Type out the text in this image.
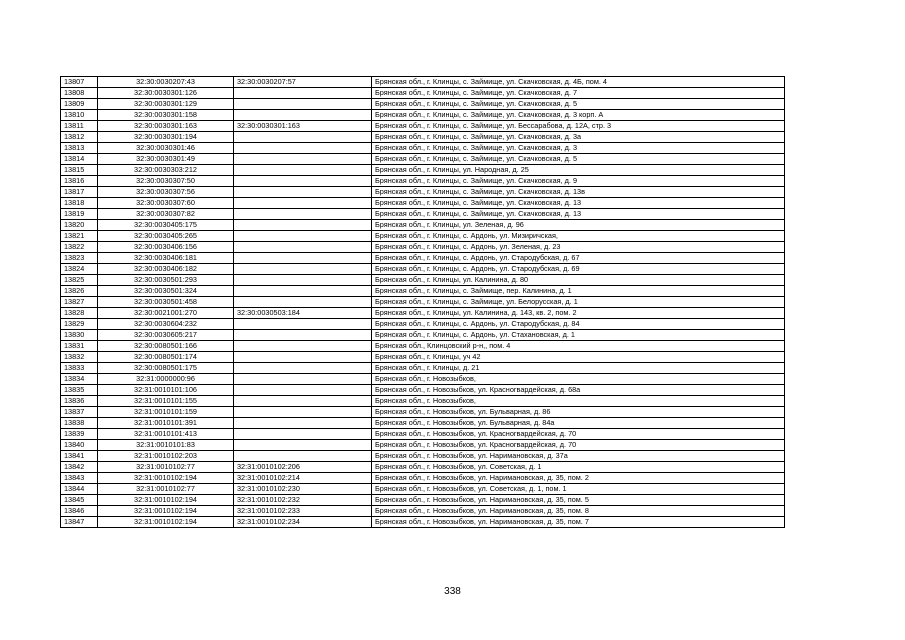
13807	32:30:0030207:43	32:30:0030207:57	Брянская обл., г. Клинцы, с. Займище, ул. Скачковская, д. 4Б, пом. 4
13808	32:30:0030301:126		Брянская обл., г. Клинцы, с. Займище, ул. Скачковская, д. 7
13809	32:30:0030301:129		Брянская обл., г. Клинцы, с. Займище, ул. Скачковская, д. 5
13810	32:30:0030301:158		Брянская обл., г. Клинцы, с. Займище, ул. Скачковская, д. 3 корп. А
13811	32:30:0030301:163	32:30:0030301:163	Брянская обл., г. Клинцы, с. Займище, ул. Бессарабова, д. 12А, стр. 3
13812	32:30:0030301:194		Брянская обл., г. Клинцы, с. Займище, ул. Скачковская, д. 3а
13813	32:30:0030301:46		Брянская обл., г. Клинцы, с. Займище, ул. Скачковская, д. 3
13814	32:30:0030301:49		Брянская обл., г. Клинцы, с. Займище, ул. Скачковская, д. 5
13815	32:30:0030303:212		Брянская обл., г. Клинцы, ул. Народная, д. 25
13816	32:30:0030307:50		Брянская обл., г. Клинцы, с. Займище, ул. Скачковская, д. 9
13817	32:30:0030307:56		Брянская обл., г. Клинцы, с. Займище, ул. Скачковская, д. 13в
13818	32:30:0030307:60		Брянская обл., г. Клинцы, с. Займище, ул. Скачковская, д. 13
13819	32:30:0030307:82		Брянская обл., г. Клинцы, с. Займище, ул. Скачковская, д. 13
13820	32:30:0030405:175		Брянская обл., г. Клинцы, ул. Зеленая, д. 96
13821	32:30:0030405:265		Брянская обл., г. Клинцы, с. Ардонь, ул. Мизиричская,
13822	32:30:0030406:156		Брянская обл., г. Клинцы, с. Ардонь, ул. Зеленая, д. 23
13823	32:30:0030406:181		Брянская обл., г. Клинцы, с. Ардонь, ул. Стародубская, д. 67
13824	32:30:0030406:182		Брянская обл., г. Клинцы, с. Ардонь, ул. Стародубская, д. 69
13825	32:30:0030501:293		Брянская обл., г. Клинцы, ул. Калинина, д. 80
13826	32:30:0030501:324		Брянская обл., г. Клинцы, с. Займище, пер. Калинина, д. 1
13827	32:30:0030501:458		Брянская обл., г. Клинцы, с. Займище, ул. Белорусская, д. 1
13828	32:30:0021001:270	32:30:0030503:184	Брянская обл., г. Клинцы, ул. Калинина, д. 143, кв. 2, пом. 2
13829	32:30:0030604:232		Брянская обл., г. Клинцы, с. Ардонь, ул. Стародубская, д. 84
13830	32:30:0030605:217		Брянская обл., г. Клинцы, с. Ардонь, ул. Стахановская, д. 1
13831	32:30:0080501:166		Брянская обл., Клинцовский р-н,, пом. 4
13832	32:30:0080501:174		Брянская обл., г. Клинцы, уч 42
13833	32:30:0080501:175		Брянская обл., г. Клинцы, д. 21
13834	32:31:0000000:96		Брянская обл., г. Новозыбков,
13835	32:31:0010101:106		Брянская обл., г. Новозыбков, ул. Красногвардейская, д. 68а
13836	32:31:0010101:155		Брянская обл., г. Новозыбков,
13837	32:31:0010101:159		Брянская обл., г. Новозыбков, ул. Бульварная, д. 86
13838	32:31:0010101:391		Брянская обл., г. Новозыбков, ул. Бульварная, д. 84а
13839	32:31:0010101:413		Брянская обл., г. Новозыбков, ул. Красногвардейская, д. 70
13840	32:31:0010101:83		Брянская обл., г. Новозыбков, ул. Красногвардейская, д. 70
13841	32:31:0010102:203		Брянская обл., г. Новозыбков, ул. Наримановская, д. 37а
13842	32:31:0010102:77	32:31:0010102:206	Брянская обл., г. Новозыбков, ул. Советская, д. 1
13843	32:31:0010102:194	32:31:0010102:214	Брянская обл., г. Новозыбков, ул. Наримановская, д. 35, пом. 2
13844	32:31:0010102:77	32:31:0010102:230	Брянская обл., г. Новозыбков, ул. Советская, д. 1, пом. 1
13845	32:31:0010102:194	32:31:0010102:232	Брянская обл., г. Новозыбков, ул. Наримановская, д. 35, пом. 5
13846	32:31:0010102:194	32:31:0010102:233	Брянская обл., г. Новозыбков, ул. Наримановская, д. 35, пом. 8
13847	32:31:0010102:194	32:31:0010102:234	Брянская обл., г. Новозыбков, ул. Наримановская, д. 35, пом. 7
338
